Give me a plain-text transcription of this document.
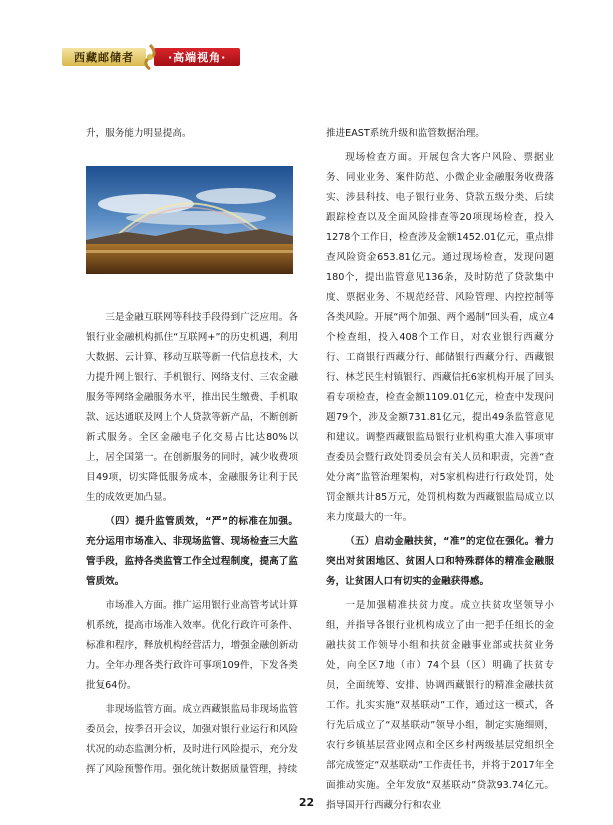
西藏邮储者	·高端视角·

升，服务能力明显提高。

三是金融互联网等科技手段得到广泛应用。各银行业金融机构抓住“互联网+”的历史机遇，利用大数据、云计算、移动互联等新一代信息技术，大力提升网上银行、手机银行、网络支付、三农金融服务等网络金融服务水平，推出民生缴费、手机取款、远达通联及网上个人贷款等新产品，不断创新新式服务。全区金融电子化交易占比达80%以上，居全国第一。在创新服务的同时，减少收费项目49项，切实降低服务成本，金融服务让利于民生的成效更加凸显。

（四）提升监管质效，“严”的标准在加强。充分运用市场准入、非现场监管、现场检查三大监管手段，监持各类监管工作全过程制度，提高了监管质效。

市场准入方面。推广运用银行业高管考试计算机系统，提高市场准入效率。优化行政许可条件、标准和程序，释放机构经营活力，增强金融创新动力。全年办理各类行政许可事项109件，下发各类批复64份。

非现场监管方面。成立西藏银监局非现场监管委员会，按季召开会议，加强对银行业运行和风险状况的动态监测分析，及时进行风险提示，充分发挥了风险预警作用。强化统计数据质量管理，持续

推进EAST系统升级和监管数据治理。

现场检查方面。开展包含大客户风险、票据业务、同业业务、案件防范、小微企业金融服务收费落实、涉县科技、电子银行业务、贷款五级分类、后续跟踪检查以及全面风险排查等20项现场检查，投入1278个工作日，检查涉及金额1452.01亿元，重点排查风险资金653.81亿元。通过现场检查，发现问题180个，提出监管意见136条，及时防范了贷款集中度、票据业务、不规范经营、风险管理、内控控制等各类风险。开展“两个加强、两个遏制”回头看，成立4个检查组，投入408个工作日，对农业银行西藏分行、工商银行西藏分行、邮储银行西藏分行、西藏银行、林芝民生村镇银行、西藏信托6家机构开展了回头看专项检查，检查金额1109.01亿元，检查中发现问题79个，涉及金额731.81亿元，提出49条监管意见和建议。调整西藏银监局银行业机构重大准入事项审查委员会暨行政处罚委员会有关人员和职责，完善“查处分离”监管治理架构，对5家机构进行行政处罚，处罚金额共计85万元，处罚机构数为西藏银监局成立以来力度最大的一年。

（五）启动金融扶贫，“准”的定位在强化。着力突出对贫困地区、贫困人口和特殊群体的精准金融服务，让贫困人口有切实的金融获得感。

一是加强精准扶贫力度。成立扶贫攻坚领导小组，并指导各银行业机构成立了由一把手任组长的金融扶贫工作领导小组和扶贫金融事业部或扶贫业务处，向全区7地（市）74个县（区）明确了扶贫专员，全面统筹、安排、协调西藏银行的精准金融扶贫工作。扎实实施“双基联动”工作，通过这一模式，各行先后成立了“双基联动”领导小组，制定实施细则，农行乡镇基层营业网点和全区乡村两级基层党组织全部完成签定“双基联动”工作责任书，并将于2017年全面推动实施。全年发放“双基联动”贷款93.74亿元。指导国开行西藏分行和农业

22
